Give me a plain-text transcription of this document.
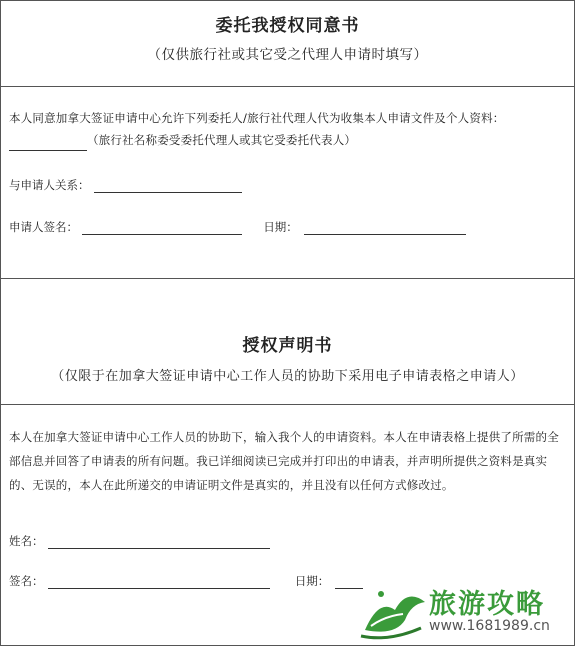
委托我授权同意书
（仅供旅行社或其它受之代理人申请时填写）
本人同意加拿大签证申请中心允许下列委托人/旅行社代理人代为收集本人申请文件及个人资料：（旅行社名称委受委托代理人或其它受委托代表人）
与申请人关系：
申请人签名：	日期：
授权声明书
（仅限于在加拿大签证申请中心工作人员的协助下采用电子申请表格之申请人）
本人在加拿大签证申请中心工作人员的协助下，输入我个人的申请资料。本人在申请表格上提供了所需的全部信息并回答了申请表的所有问题。我已详细阅读已完成并打印出的申请表，并声明所提供之资料是真实的、无误的，本人在此所递交的申请证明文件是真实的，并且没有以任何方式修改过。
姓名：
签名：	日期：
旅游攻略
www.1681989.cn
